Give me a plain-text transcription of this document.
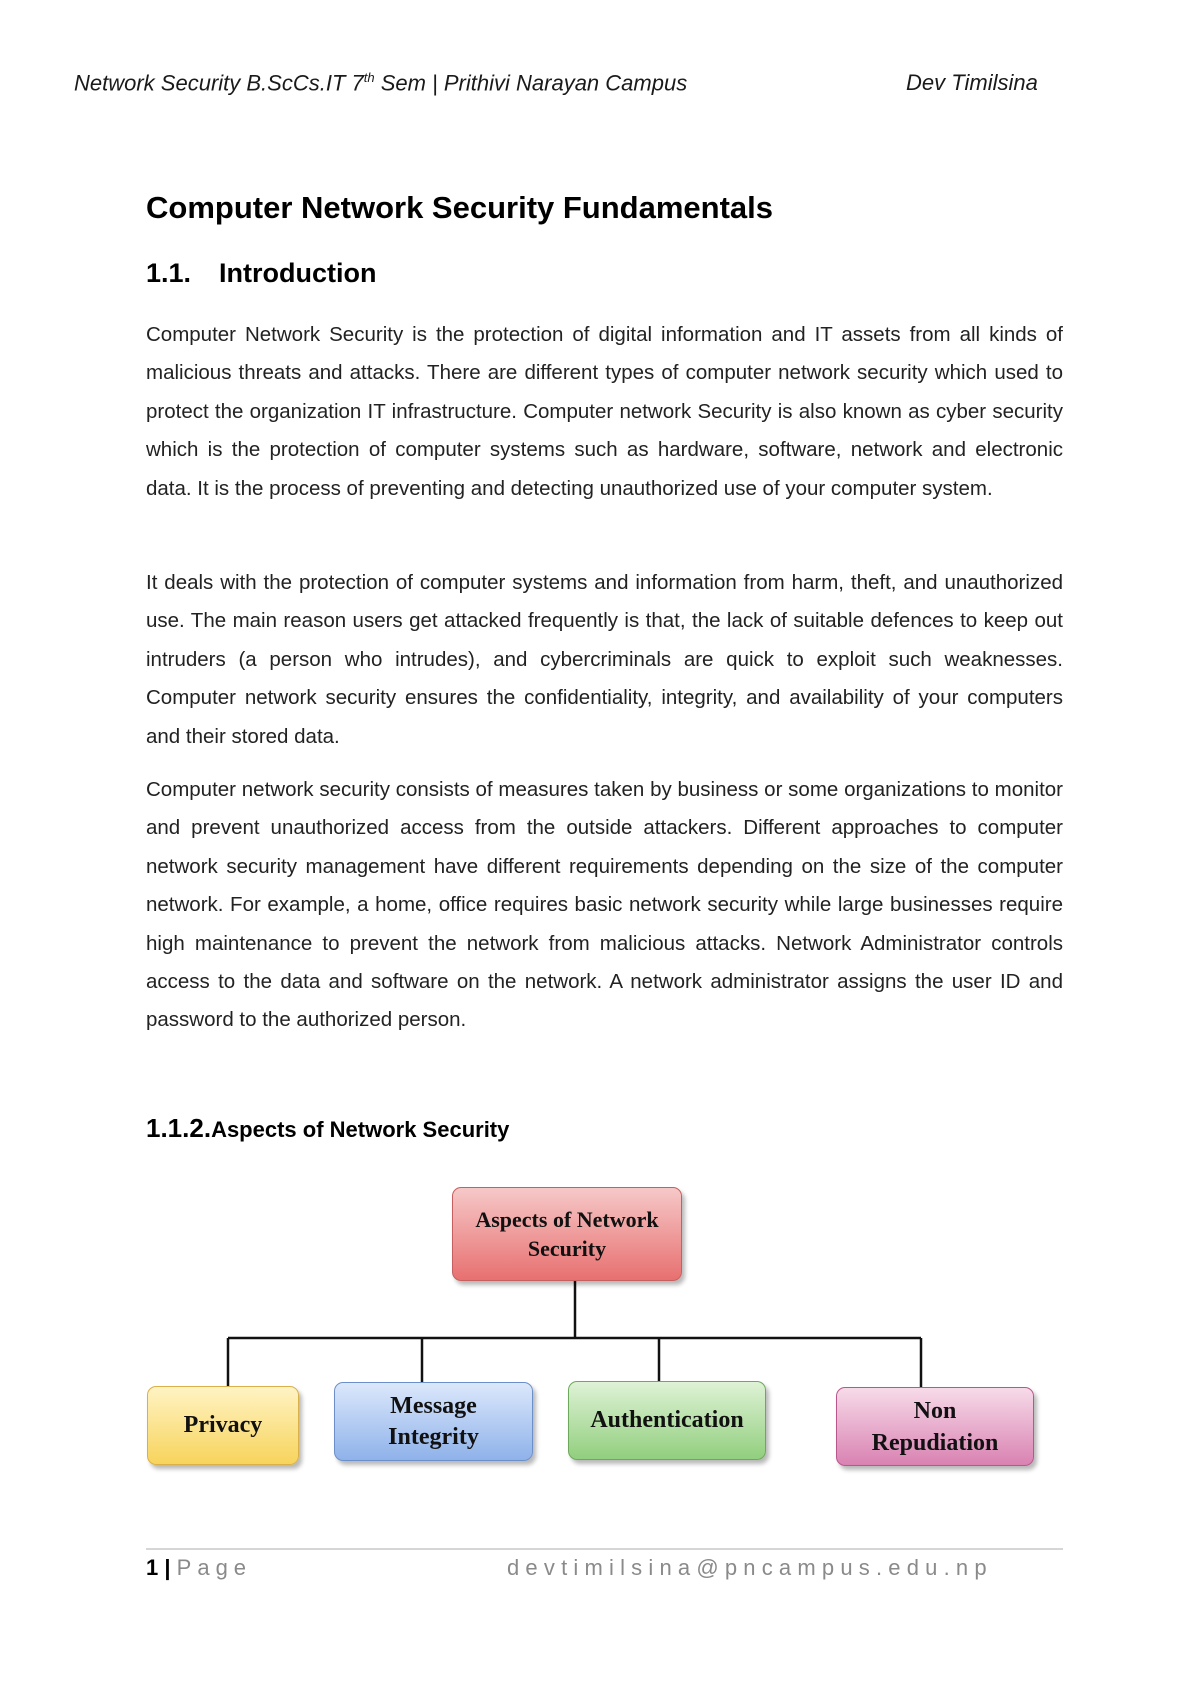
Network Security B.ScCs.IT 7th Sem | Prithivi Narayan Campus	Dev Timilsina
Computer Network Security Fundamentals
1.1. Introduction

Computer Network Security is the protection of digital information and IT assets from all kinds of malicious threats and attacks. There are different types of computer network security which used to protect the organization IT infrastructure. Computer network Security is also known as cyber security which is the protection of computer systems such as hardware, software, network and electronic data. It is the process of preventing and detecting unauthorized use of your computer system.

It deals with the protection of computer systems and information from harm, theft, and unauthorized use. The main reason users get attacked frequently is that, the lack of suitable defences to keep out intruders (a person who intrudes), and cybercriminals are quick to exploit such weaknesses. Computer network security ensures the confidentiality, integrity, and availability of your computers and their stored data.

Computer network security consists of measures taken by business or some organizations to monitor and prevent unauthorized access from the outside attackers. Different approaches to computer network security management have different requirements depending on the size of the computer network. For example, a home, office requires basic network security while large businesses require high maintenance to prevent the network from malicious attacks. Network Administrator controls access to the data and software on the network. A network administrator assigns the user ID and password to the authorized person.

1.1.2.Aspects of Network Security
Aspects of Network
Security
Privacy
Message
Integrity
Authentication	Non
Repudiation
1 | Page	devtimilsina@pncampus.edu.np
